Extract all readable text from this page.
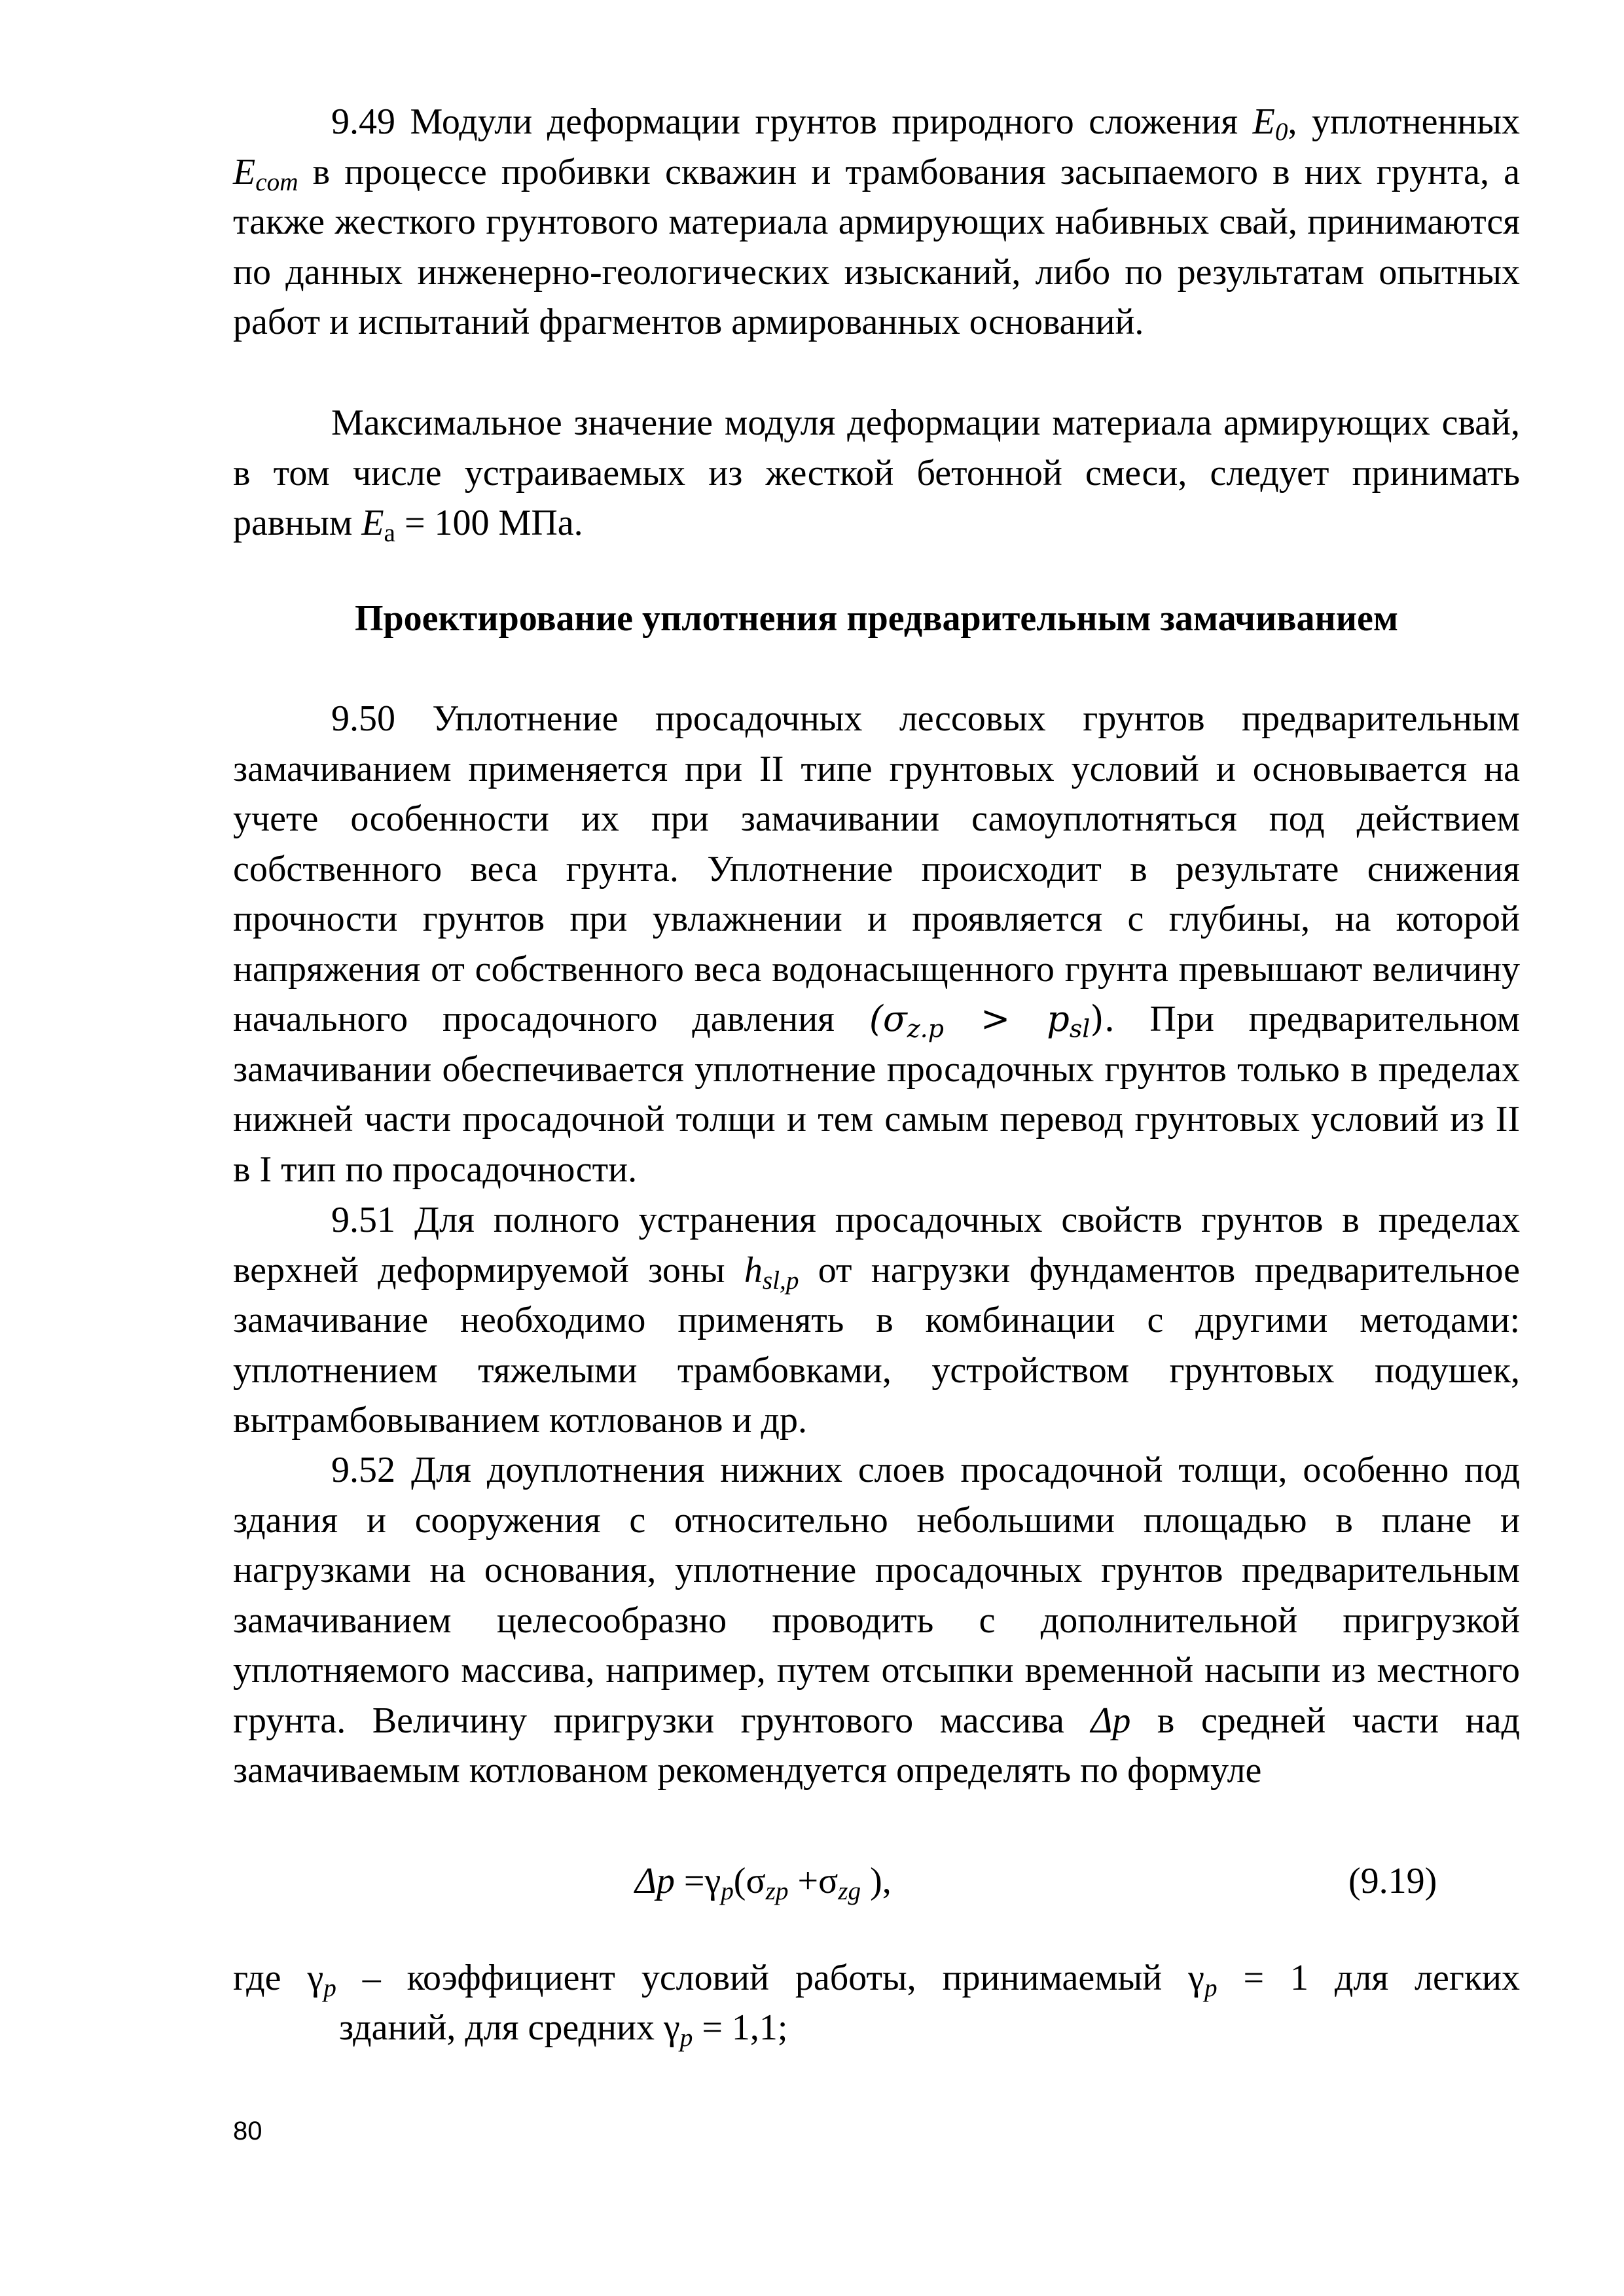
9.49 Модули деформации грунтов природного сложения $E_0$, уплотненных $E_{com}$ в процессе пробивки скважин и трамбования засыпаемого в них грунта, а также жесткого грунтового материала армирующих набивных свай, принимаются по данных инженерно-геологических изысканий, либо по результатам опытных работ и испытаний фрагментов армированных оснований.

Максимальное значение модуля деформации материала армирующих свай, в том числе устраиваемых из жесткой бетонной смеси, следует принимать равным $E_а = 100$ МПа.

Проектирование уплотнения предварительным замачиванием

9.50 Уплотнение просадочных лессовых грунтов предварительным замачиванием применяется при II типе грунтовых условий и основывается на учете особенности их при замачивании самоуплотняться под действием собственного веса грунта. Уплотнение происходит в результате снижения прочности грунтов при увлажнении и проявляется с глубины, на которой напряжения от собственного веса водонасыщенного грунта превышают величину начального просадочного давления $(\sigma_{z.p} > p_{sl})$. При предварительном замачивании обеспечивается уплотнение просадочных грунтов только в пределах нижней части просадочной толщи и тем самым перевод грунтовых условий из II в I тип по просадочности.

9.51 Для полного устранения просадочных свойств грунтов в пределах верхней деформируемой зоны $h_{sl,p}$ от нагрузки фундаментов предварительное замачивание необходимо применять в комбинации с другими методами: уплотнением тяжелыми трамбовками, устройством грунтовых подушек, вытрамбовыванием котлованов и др.

9.52 Для доуплотнения нижних слоев просадочной толщи, особенно под здания и сооружения с относительно небольшими площадью в плане и нагрузками на основания, уплотнение просадочных грунтов предварительным замачиванием целесообразно проводить с дополнительной пригрузкой уплотняемого массива, например, путем отсыпки временной насыпи из местного грунта. Величину пригрузки грунтового массива Δp в средней части над замачиваемым котлованом рекомендуется определять по формуле

$\Delta p =\gamma_p(\sigma_{zp} +\sigma_{zg}$ ),	(9.19)

где $\gamma_p$ – коэффициент условий работы, принимаемый $\gamma_p = 1$ для легких

зданий, для средних $\gamma_p = 1,1$;

80
